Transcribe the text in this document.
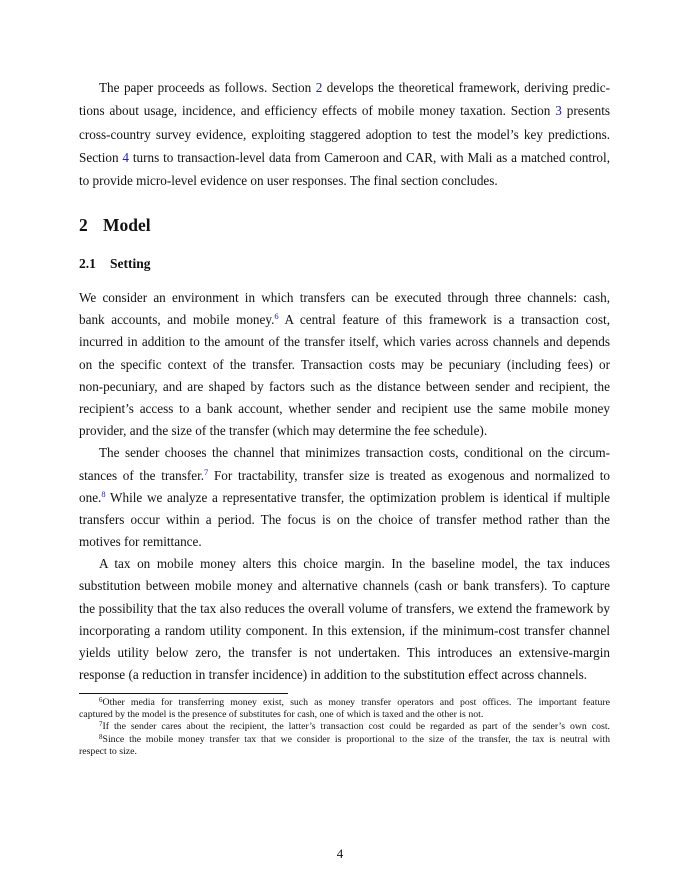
The paper proceeds as follows. Section 2 develops the theoretical framework, deriving predic-
tions about usage, incidence, and efficiency effects of mobile money taxation. Section 3 presents
cross-country survey evidence, exploiting staggered adoption to test the model’s key predictions.
Section 4 turns to transaction-level data from Cameroon and CAR, with Mali as a matched control,
to provide micro-level evidence on user responses. The final section concludes.
2 Model
2.1 Setting
We consider an environment in which transfers can be executed through three channels: cash,
bank accounts, and mobile money.$^6$ A central feature of this framework is a transaction cost,
incurred in addition to the amount of the transfer itself, which varies across channels and depends
on the specific context of the transfer. Transaction costs may be pecuniary (including fees) or
non-pecuniary, and are shaped by factors such as the distance between sender and recipient, the
recipient’s access to a bank account, whether sender and recipient use the same mobile money
provider, and the size of the transfer (which may determine the fee schedule).
The sender chooses the channel that minimizes transaction costs, conditional on the circum-
stances of the transfer.$^7$ For tractability, transfer size is treated as exogenous and normalized to
one.$^8$ While we analyze a representative transfer, the optimization problem is identical if multiple
transfers occur within a period. The focus is on the choice of transfer method rather than the
motives for remittance.
A tax on mobile money alters this choice margin. In the baseline model, the tax induces
substitution between mobile money and alternative channels (cash or bank transfers). To capture
the possibility that the tax also reduces the overall volume of transfers, we extend the framework by
incorporating a random utility component. In this extension, if the minimum-cost transfer channel
yields utility below zero, the transfer is not undertaken. This introduces an extensive-margin
response (a reduction in transfer incidence) in addition to the substitution effect across channels.
$^6$Other media for transferring money exist, such as money transfer operators and post offices. The important feature
captured by the model is the presence of substitutes for cash, one of which is taxed and the other is not.
$^7$If the sender cares about the recipient, the latter’s transaction cost could be regarded as part of the sender’s own cost.
$^8$Since the mobile money transfer tax that we consider is proportional to the size of the transfer, the tax is neutral with
respect to size.
4
